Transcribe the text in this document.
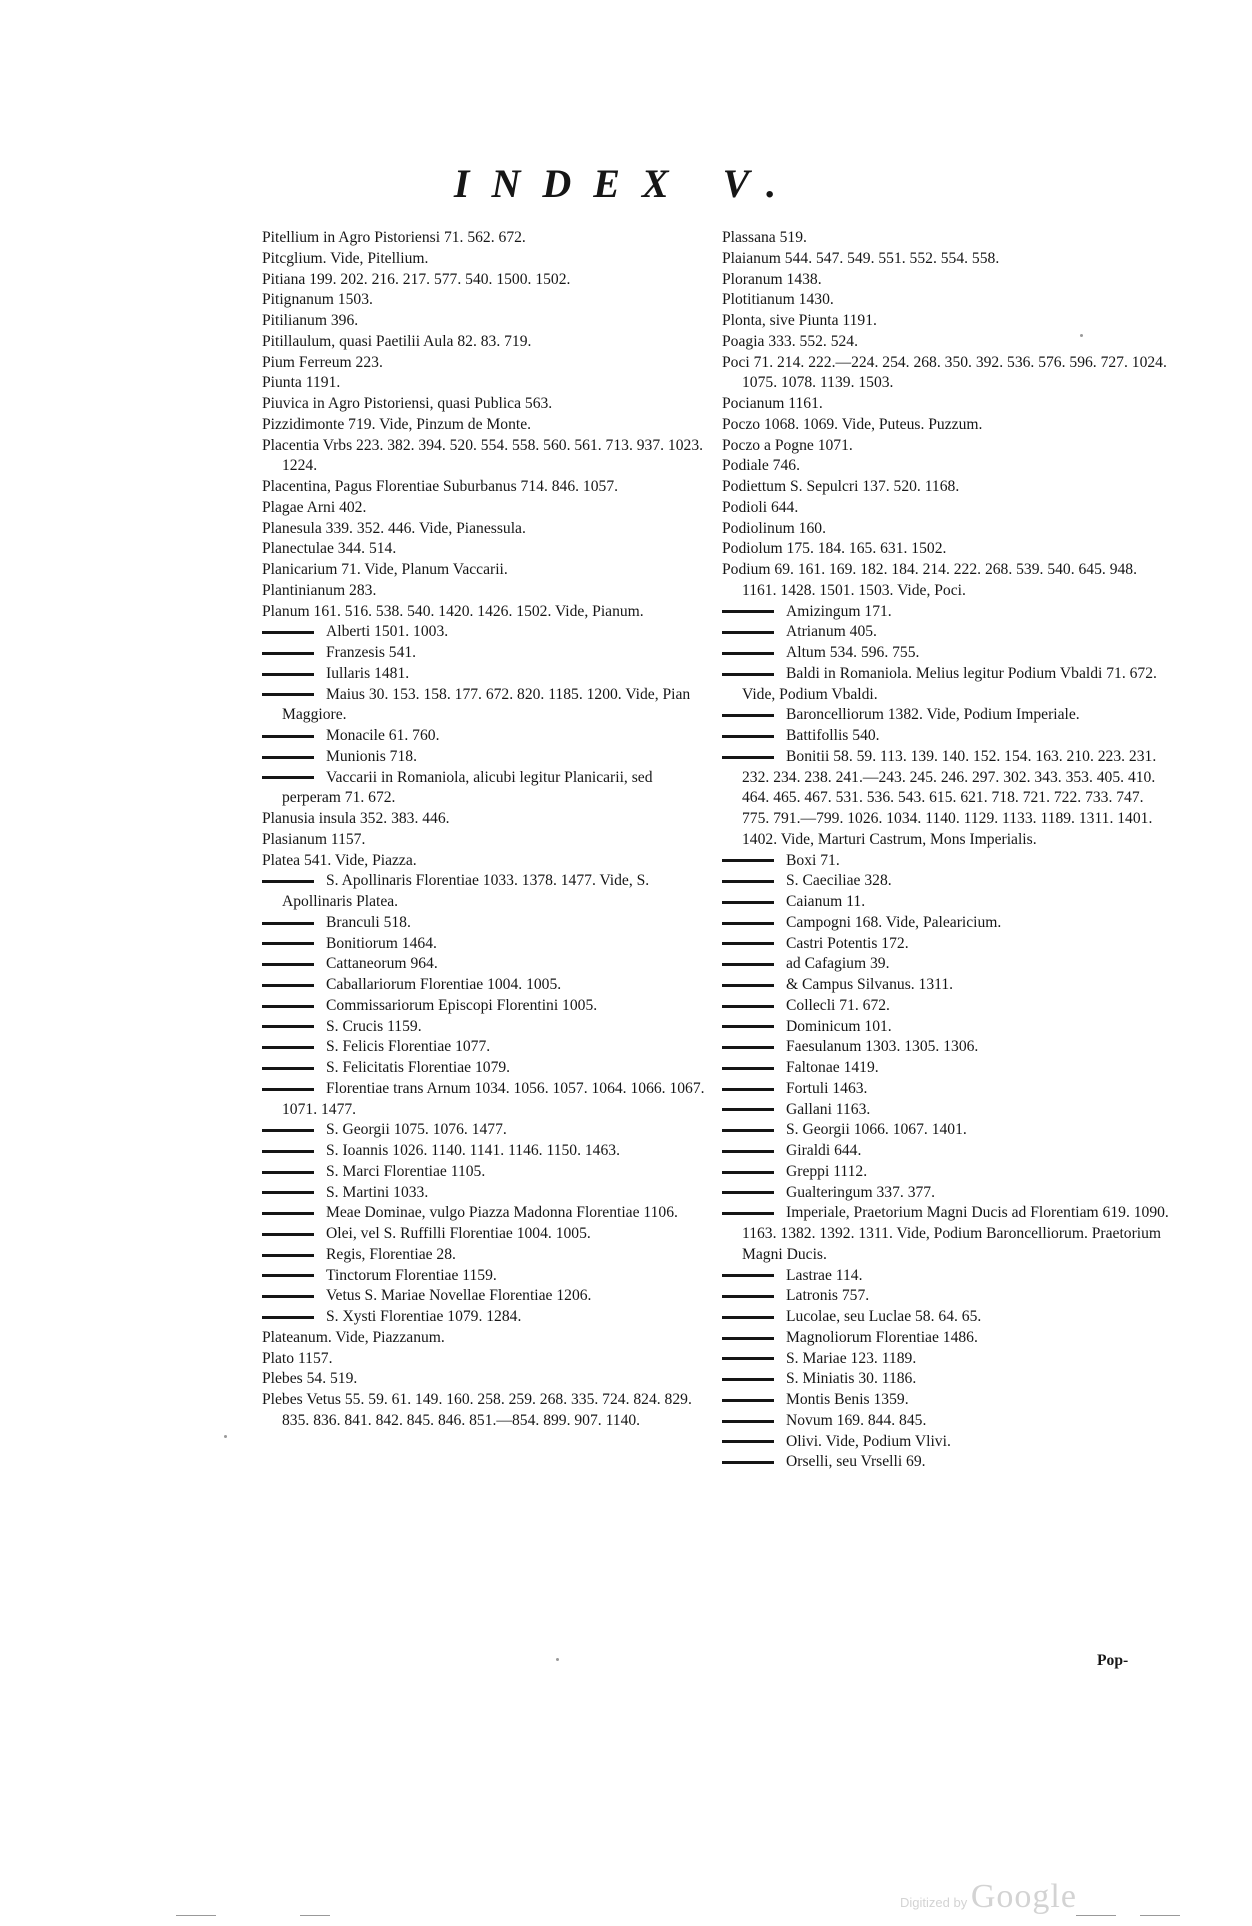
INDEX V.
Pitellium in Agro Pistoriensi 71. 562. 672.
Pitcglium. Vide, Pitellium.
Pitiana 199. 202. 216. 217. 577. 540. 1500. 1502.
Pitignanum 1503.
Pitilianum 396.
Pitillaulum, quasi Paetilii Aula 82. 83. 719.
Pium Ferreum 223.
Piunta 1191.
Piuvica in Agro Pistoriensi, quasi Publica 563.
Pizzidimonte 719. Vide, Pinzum de Monte.
Placentia Vrbs 223. 382. 394. 520. 554. 558. 560. 561. 713. 937. 1023. 1224.
Placentina, Pagus Florentiae Suburbanus 714. 846. 1057.
Plagae Arni 402.
Planesula 339. 352. 446. Vide, Pianessula.
Planectulae 344. 514.
Planicarium 71. Vide, Planum Vaccarii.
Plantinianum 283.
Planum 161. 516. 538. 540. 1420. 1426. 1502. Vide, Pianum.
Alberti 1501. 1003.
Franzesis 541.
Iullaris 1481.
Maius 30. 153. 158. 177. 672. 820. 1185. 1200. Vide, Pian Maggiore.
Monacile 61. 760.
Munionis 718.
Vaccarii in Romaniola, alicubi legitur Planicarii, sed perperam 71. 672.
Planusia insula 352. 383. 446.
Plasianum 1157.
Platea 541. Vide, Piazza.
S. Apollinaris Florentiae 1033. 1378. 1477. Vide, S. Apollinaris Platea.
Branculi 518.
Bonitiorum 1464.
Cattaneorum 964.
Caballariorum Florentiae 1004. 1005.
Commissariorum Episcopi Florentini 1005.
S. Crucis 1159.
S. Felicis Florentiae 1077.
S. Felicitatis Florentiae 1079.
Florentiae trans Arnum 1034. 1056. 1057. 1064. 1066. 1067. 1071. 1477.
S. Georgii 1075. 1076. 1477.
S. Ioannis 1026. 1140. 1141. 1146. 1150. 1463.
S. Marci Florentiae 1105.
S. Martini 1033.
Meae Dominae, vulgo Piazza Madonna Florentiae 1106.
Olei, vel S. Ruffilli Florentiae 1004. 1005.
Regis, Florentiae 28.
Tinctorum Florentiae 1159.
Vetus S. Mariae Novellae Florentiae 1206.
S. Xysti Florentiae 1079. 1284.
Plateanum. Vide, Piazzanum.
Plato 1157.
Plebes 54. 519.
Plebes Vetus 55. 59. 61. 149. 160. 258. 259. 268. 335. 724. 824. 829. 835. 836. 841. 842. 845. 846. 851.—854. 899. 907. 1140.
Plassana 519.
Plaianum 544. 547. 549. 551. 552. 554. 558.
Ploranum 1438.
Plotitianum 1430.
Plonta, sive Piunta 1191.
Poagia 333. 552. 524.
Poci 71. 214. 222.—224. 254. 268. 350. 392. 536. 576. 596. 727. 1024. 1075. 1078. 1139. 1503.
Pocianum 1161.
Poczo 1068. 1069. Vide, Puteus. Puzzum.
Poczo a Pogne 1071.
Podiale 746.
Podiettum S. Sepulcri 137. 520. 1168.
Podioli 644.
Podiolinum 160.
Podiolum 175. 184. 165. 631. 1502.
Podium 69. 161. 169. 182. 184. 214. 222. 268. 539. 540. 645. 948. 1161. 1428. 1501. 1503. Vide, Poci.
Amizingum 171.
Atrianum 405.
Altum 534. 596. 755.
Baldi in Romaniola. Melius legitur Podium Vbaldi 71. 672. Vide, Podium Vbaldi.
Baroncelliorum 1382. Vide, Podium Imperiale.
Battifollis 540.
Bonitii 58. 59. 113. 139. 140. 152. 154. 163. 210. 223. 231. 232. 234. 238. 241.—243. 245. 246. 297. 302. 343. 353. 405. 410. 464. 465. 467. 531. 536. 543. 615. 621. 718. 721. 722. 733. 747. 775. 791.—799. 1026. 1034. 1140. 1129. 1133. 1189. 1311. 1401. 1402. Vide, Marturi Castrum, Mons Imperialis.
Boxi 71.
S. Caeciliae 328.
Caianum 11.
Campogni 168. Vide, Palearicium.
Castri Potentis 172.
ad Cafagium 39.
& Campus Silvanus. 1311.
Collecli 71. 672.
Dominicum 101.
Faesulanum 1303. 1305. 1306.
Faltonae 1419.
Fortuli 1463.
Gallani 1163.
S. Georgii 1066. 1067. 1401.
Giraldi 644.
Greppi 1112.
Gualteringum 337. 377.
Imperiale, Praetorium Magni Ducis ad Florentiam 619. 1090. 1163. 1382. 1392. 1311. Vide, Podium Baroncelliorum. Praetorium Magni Ducis.
Lastrae 114.
Latronis 757.
Lucolae, seu Luclae 58. 64. 65.
Magnoliorum Florentiae 1486.
S. Mariae 123. 1189.
S. Miniatis 30. 1186.
Montis Benis 1359.
Novum 169. 844. 845.
Olivi. Vide, Podium Vlivi.
Orselli, seu Vrselli 69.
Pop-
Digitized by Google
